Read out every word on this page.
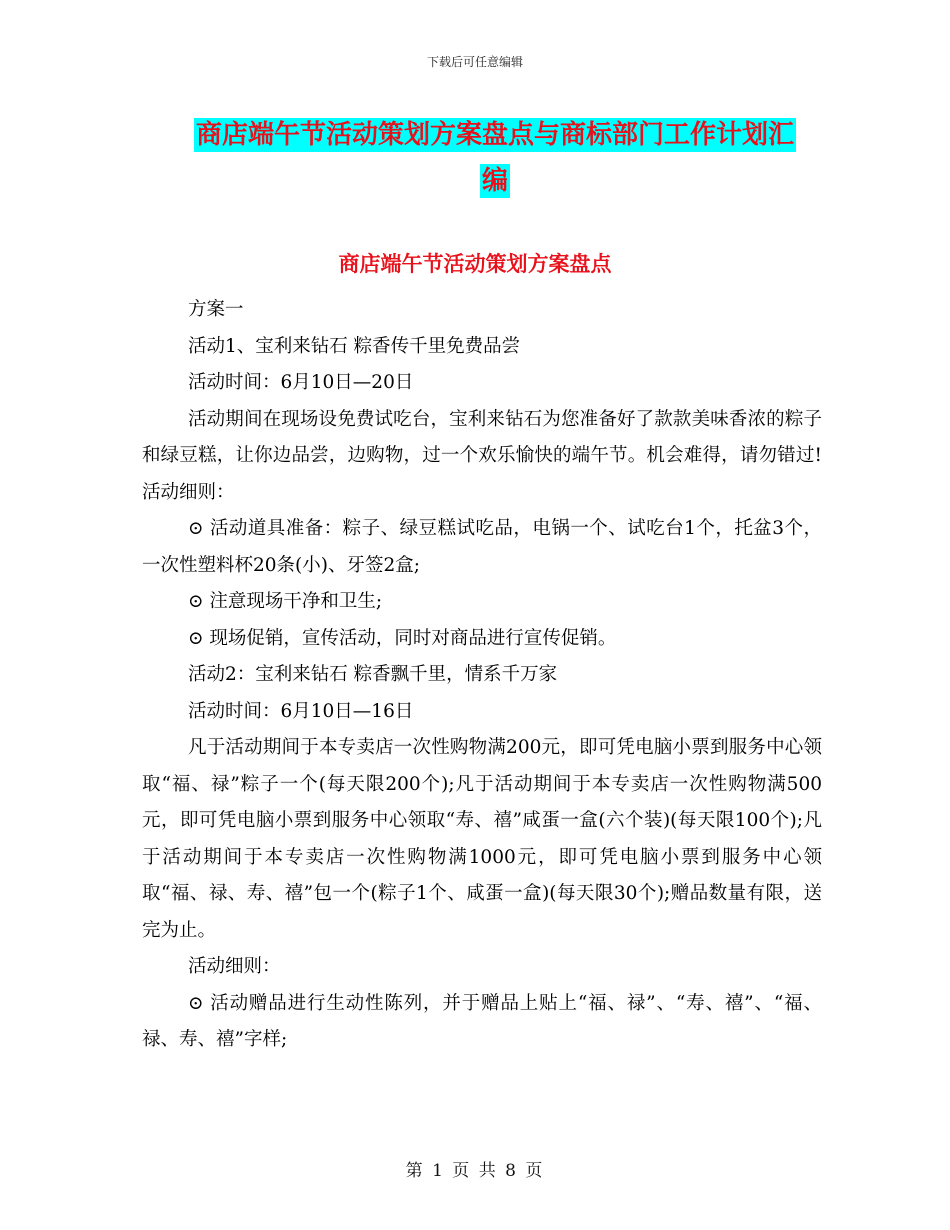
下载后可任意编辑
商店端午节活动策划方案盘点与商标部门工作计划汇
编
商店端午节活动策划方案盘点

方案一

活动1、宝利来钻石 粽香传千里免费品尝

活动时间：6月10日—20日

活动期间在现场设免费试吃台，宝利来钻石为您准备好了款款美味香浓的粽子和绿豆糕，让你边品尝，边购物，过一个欢乐愉快的端午节。机会难得，请勿错过!活动细则：

⊙ 活动道具准备：粽子、绿豆糕试吃品，电锅一个、试吃台1个，托盆3个，一次性塑料杯20条(小)、牙签2盒;

⊙ 注意现场干净和卫生;

⊙ 现场促销，宣传活动，同时对商品进行宣传促销。

活动2：宝利来钻石 粽香飘千里，情系千万家

活动时间：6月10日—16日

凡于活动期间于本专卖店一次性购物满200元，即可凭电脑小票到服务中心领取“福、禄”粽子一个(每天限200个);凡于活动期间于本专卖店一次性购物满500元，即可凭电脑小票到服务中心领取“寿、禧”咸蛋一盒(六个装)(每天限100个);凡于活动期间于本专卖店一次性购物满1000元，即可凭电脑小票到服务中心领取“福、禄、寿、禧”包一个(粽子1个、咸蛋一盒)(每天限30个);赠品数量有限，送完为止。

活动细则：

⊙ 活动赠品进行生动性陈列，并于赠品上贴上“福、禄”、“寿、禧”、“福、禄、寿、禧”字样;

第 1 页 共 8 页
